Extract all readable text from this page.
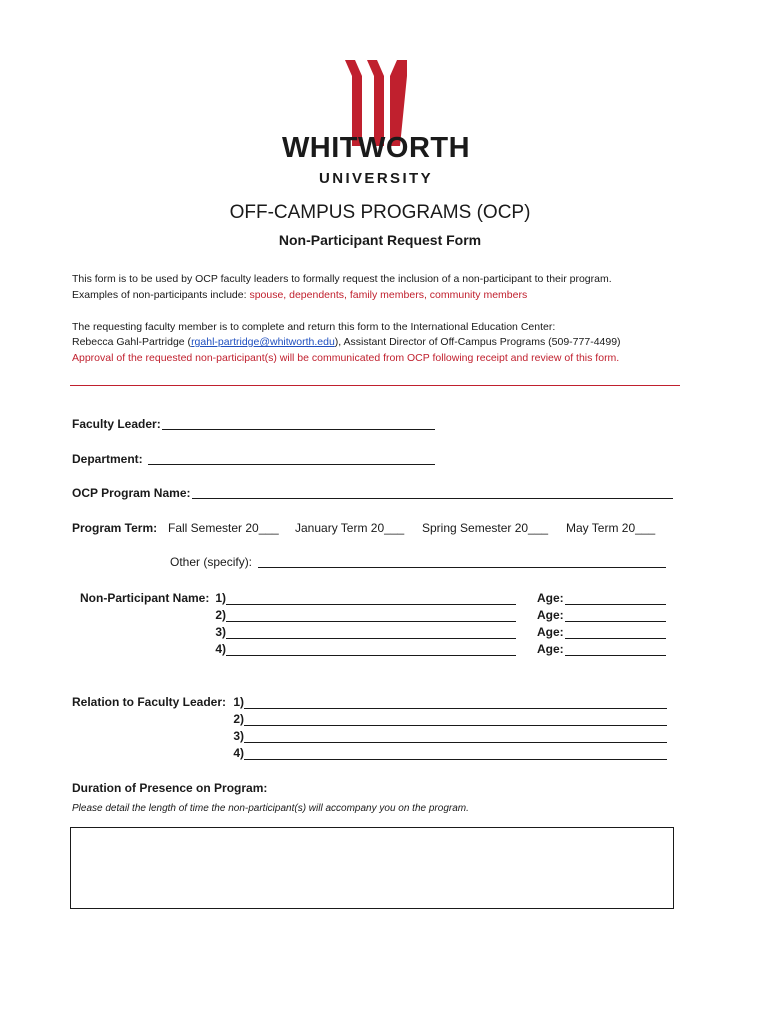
WHITWORTH
UNIVERSITY
OFF-CAMPUS PROGRAMS (OCP)
Non-Participant Request Form
This form is to be used by OCP faculty leaders to formally request the inclusion of a non-participant to their program.
Examples of non-participants include: spouse, dependents, family members, community members
The requesting faculty member is to complete and return this form to the International Education Center:
Rebecca Gahl-Partridge (rgahl-partridge@whitworth.edu), Assistant Director of Off-Campus Programs (509-777-4499)
Approval of the requested non-participant(s) will be communicated from OCP following receipt and review of this form.
Faculty Leader:
Department:
OCP Program Name:
Program Term: Fall Semester 20___ January Term 20___ Spring Semester 20___ May Term 20___
Other (specify):
Non-Participant Name: 1)
2)
3)
4)
Age:
Age:
Age:
Age:
Relation to Faculty Leader: 1)
2)
3)
4)
Duration of Presence on Program:
Please detail the length of time the non-participant(s) will accompany you on the program.
